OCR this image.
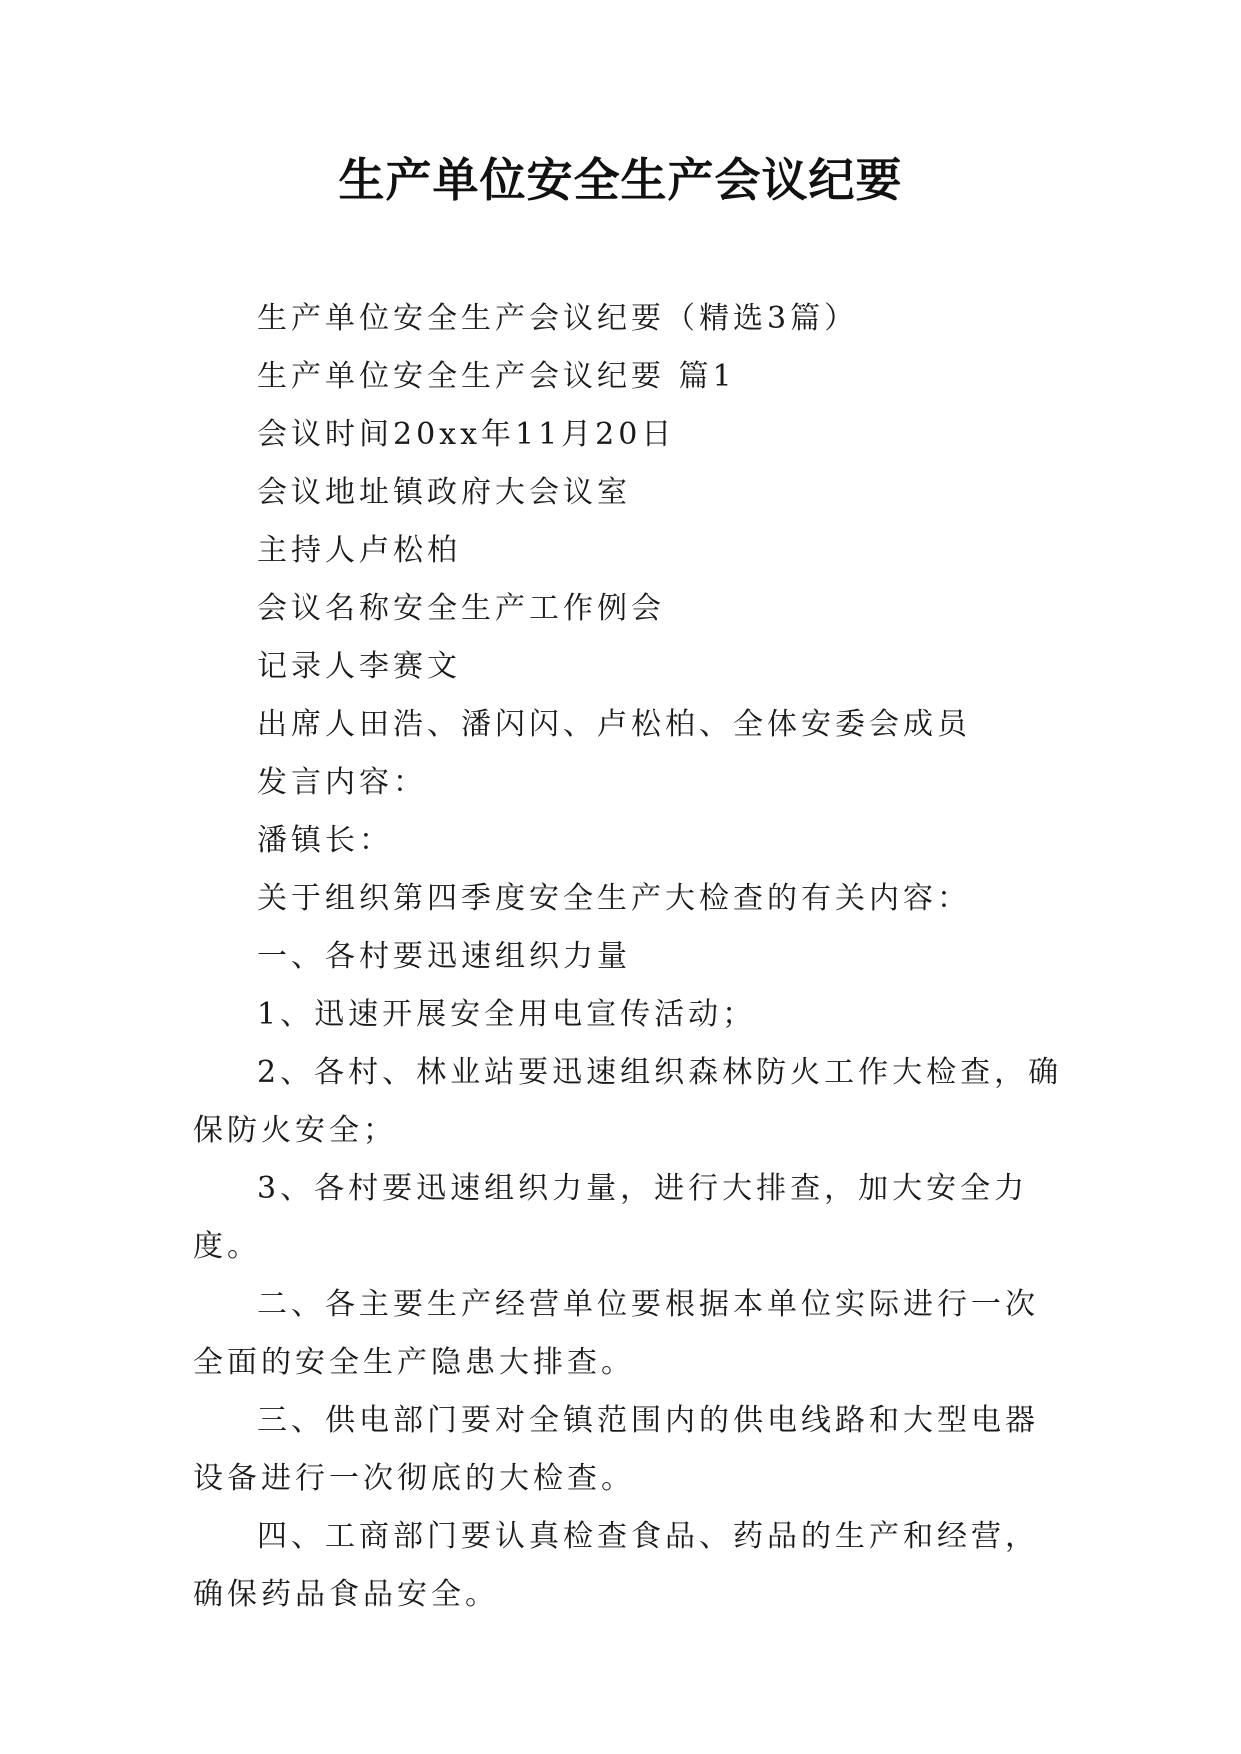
生产单位安全生产会议纪要

生产单位安全生产会议纪要（精选3篇）

生产单位安全生产会议纪要 篇1

会议时间20xx年11月20日

会议地址镇政府大会议室

主持人卢松柏

会议名称安全生产工作例会

记录人李赛文

出席人田浩、潘闪闪、卢松柏、全体安委会成员

发言内容：

潘镇长：

关于组织第四季度安全生产大检查的有关内容：

一、各村要迅速组织力量

1、迅速开展安全用电宣传活动；

2、各村、林业站要迅速组织森林防火工作大检查，确保防火安全；

3、各村要迅速组织力量，进行大排查，加大安全力度。

二、各主要生产经营单位要根据本单位实际进行一次全面的安全生产隐患大排查。

三、供电部门要对全镇范围内的供电线路和大型电器设备进行一次彻底的大检查。

四、工商部门要认真检查食品、药品的生产和经营，确保药品食品安全。
